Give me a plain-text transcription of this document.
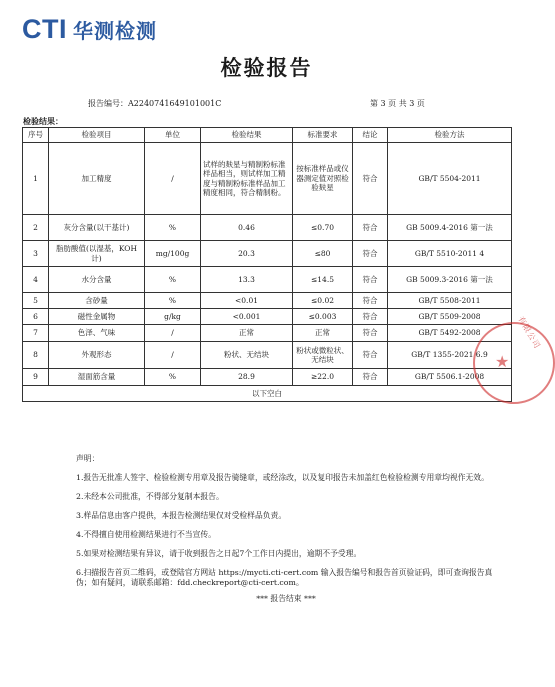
CTI 华测检测
检验报告
报告编号：A2240741649101001C	第 3 页 共 3 页
检验结果：
序号	检验项目	单位	检验结果	标准要求	结论	检验方法
1	加工精度	/	试样的麸星与精制粉标准样品相当，则试样加工精度与精制粉标准样品加工精度相同，符合精制粉。	按标准样品或仪器测定值对照检验麸星	符合	GB/T 5504-2011
2	灰分含量(以干基计)	%	0.46	≤0.70	符合	GB 5009.4-2016 第一法
3	脂肪酸值(以湿基，KOH计)	mg/100g	20.3	≤80	符合	GB/T 5510-2011 4
4	水分含量	%	13.3	≤14.5	符合	GB 5009.3-2016 第一法
5	含砂量	%	<0.01	≤0.02	符合	GB/T 5508-2011
6	磁性金属物	g/kg	<0.001	≤0.003	符合	GB/T 5509-2008
7	色泽、气味	/	正常	正常	符合	GB/T 5492-2008
8	外观形态	/	粉状、无结块	粉状或微粒状、无结块	符合	GB/T 1355-2021 6.9
9	湿面筋含量	%	28.9	≥22.0	符合	GB/T 5506.1-2008
以下空白						
有限公司
★
声明：

1.报告无批准人签字、检验检测专用章及报告骑缝章，或经涂改，以及复印报告未加盖红色检验检测专用章均视作无效。

2.未经本公司批准，不得部分复制本报告。

3.样品信息由客户提供，本报告检测结果仅对受检样品负责。

4.不得擅自使用检测结果进行不当宣传。

5.如果对检测结果有异议，请于收到报告之日起7个工作日内提出，逾期不予受理。

6.扫描报告首页二维码，或登陆官方网站 https://mycti.cti-cert.com 输入报告编号和报告首页验证码，即可查询报告真伪；如有疑问，请联系邮箱：fdd.checkreport@cti-cert.com。

*** 报告结束 ***
